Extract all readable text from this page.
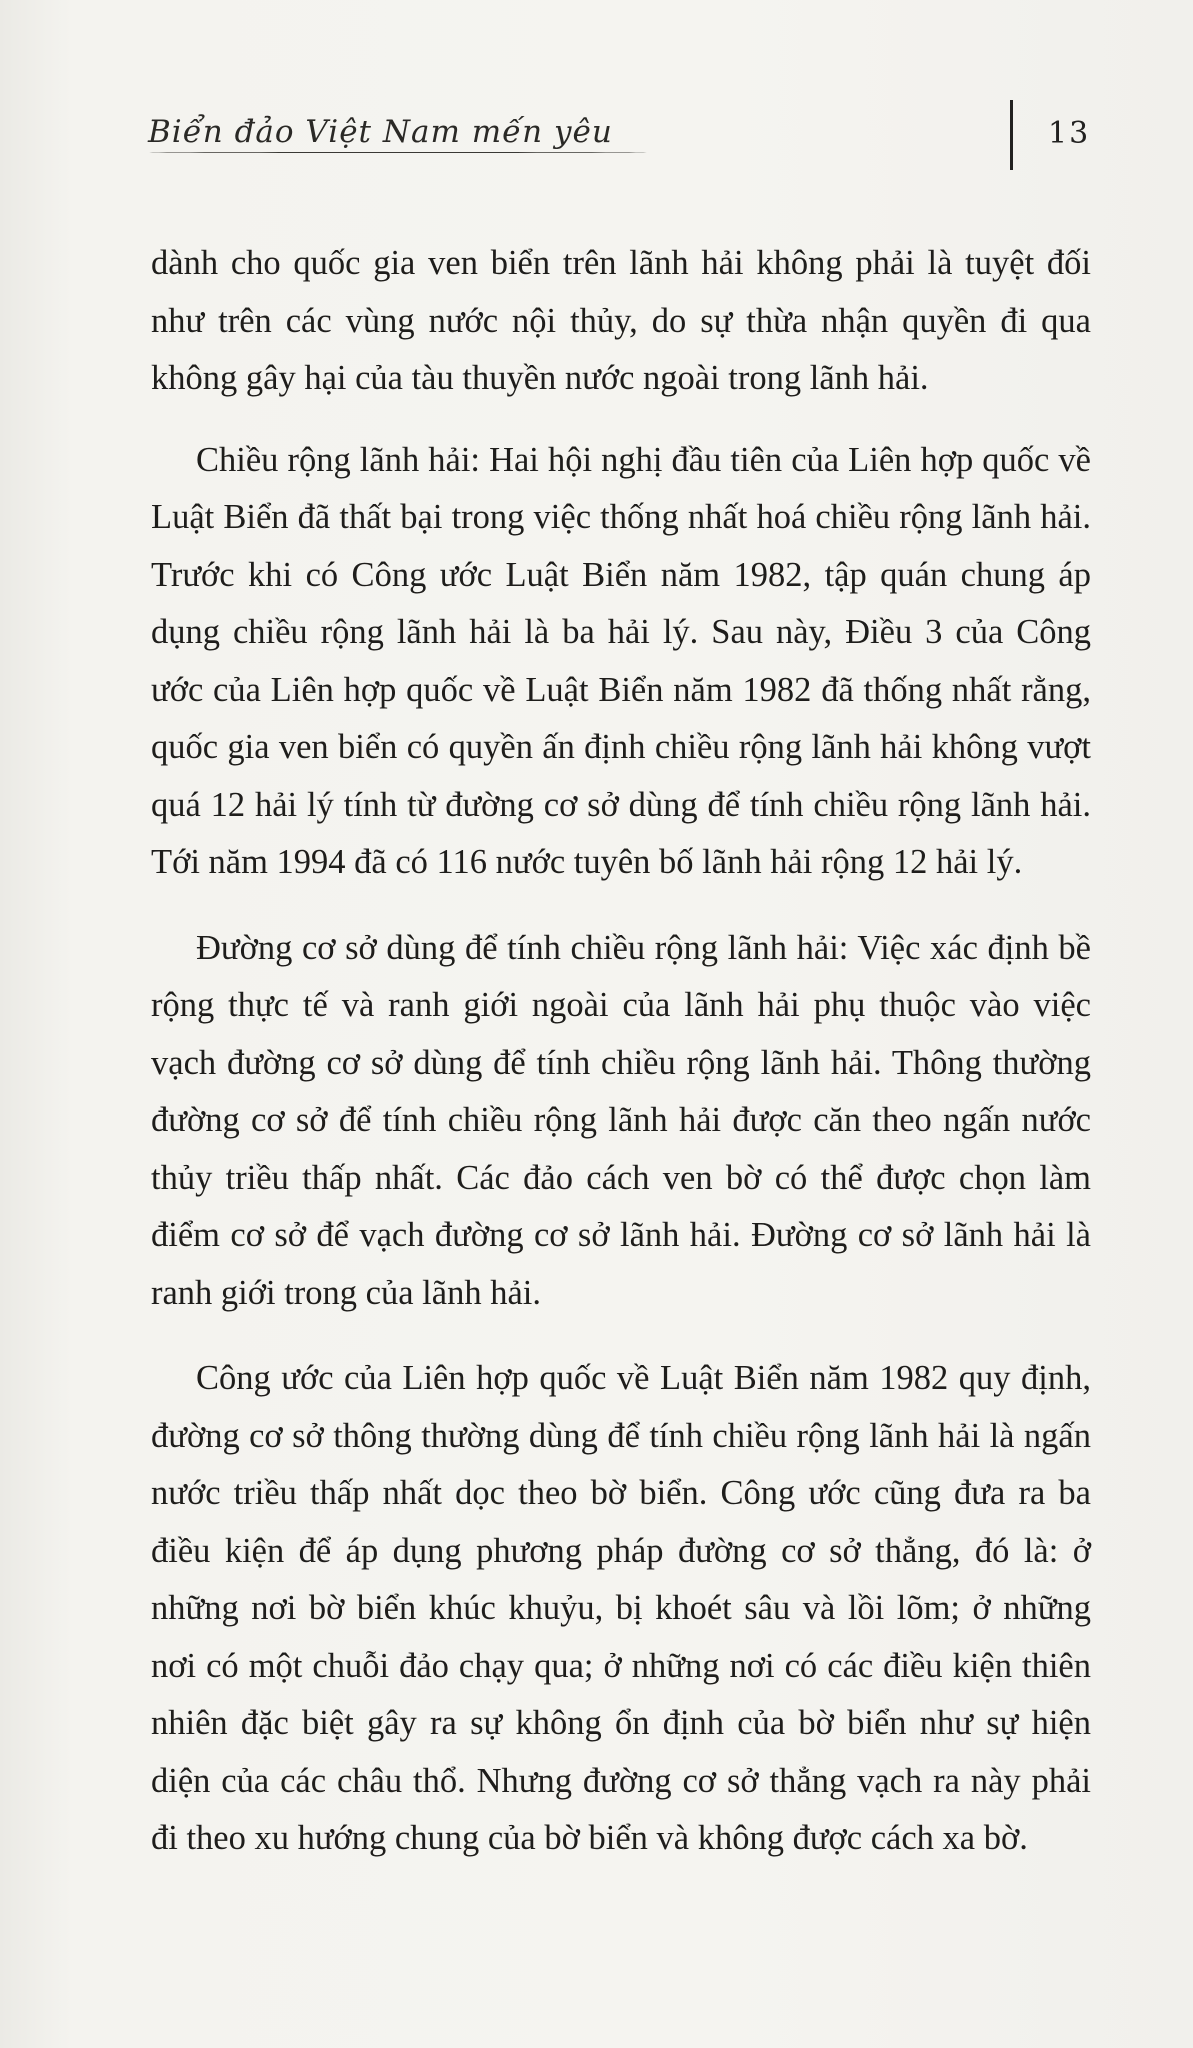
Biển đảo Việt Nam mến yêu	13

dành cho quốc gia ven biển trên lãnh hải không phải là tuyệt đối như trên các vùng nước nội thủy, do sự thừa nhận quyền đi qua không gây hại của tàu thuyền nước ngoài trong lãnh hải.

Chiều rộng lãnh hải: Hai hội nghị đầu tiên của Liên hợp quốc về Luật Biển đã thất bại trong việc thống nhất hoá chiều rộng lãnh hải. Trước khi có Công ước Luật Biển năm 1982, tập quán chung áp dụng chiều rộng lãnh hải là ba hải lý. Sau này, Điều 3 của Công ước của Liên hợp quốc về Luật Biển năm 1982 đã thống nhất rằng, quốc gia ven biển có quyền ấn định chiều rộng lãnh hải không vượt quá 12 hải lý tính từ đường cơ sở dùng để tính chiều rộng lãnh hải. Tới năm 1994 đã có 116 nước tuyên bố lãnh hải rộng 12 hải lý.

Đường cơ sở dùng để tính chiều rộng lãnh hải: Việc xác định bề rộng thực tế và ranh giới ngoài của lãnh hải phụ thuộc vào việc vạch đường cơ sở dùng để tính chiều rộng lãnh hải. Thông thường đường cơ sở để tính chiều rộng lãnh hải được căn theo ngấn nước thủy triều thấp nhất. Các đảo cách ven bờ có thể được chọn làm điểm cơ sở để vạch đường cơ sở lãnh hải. Đường cơ sở lãnh hải là ranh giới trong của lãnh hải.

Công ước của Liên hợp quốc về Luật Biển năm 1982 quy định, đường cơ sở thông thường dùng để tính chiều rộng lãnh hải là ngấn nước triều thấp nhất dọc theo bờ biển. Công ước cũng đưa ra ba điều kiện để áp dụng phương pháp đường cơ sở thẳng, đó là: ở những nơi bờ biển khúc khuỷu, bị khoét sâu và lồi lõm; ở những nơi có một chuỗi đảo chạy qua; ở những nơi có các điều kiện thiên nhiên đặc biệt gây ra sự không ổn định của bờ biển như sự hiện diện của các châu thổ. Nhưng đường cơ sở thẳng vạch ra này phải đi theo xu hướng chung của bờ biển và không được cách xa bờ.
